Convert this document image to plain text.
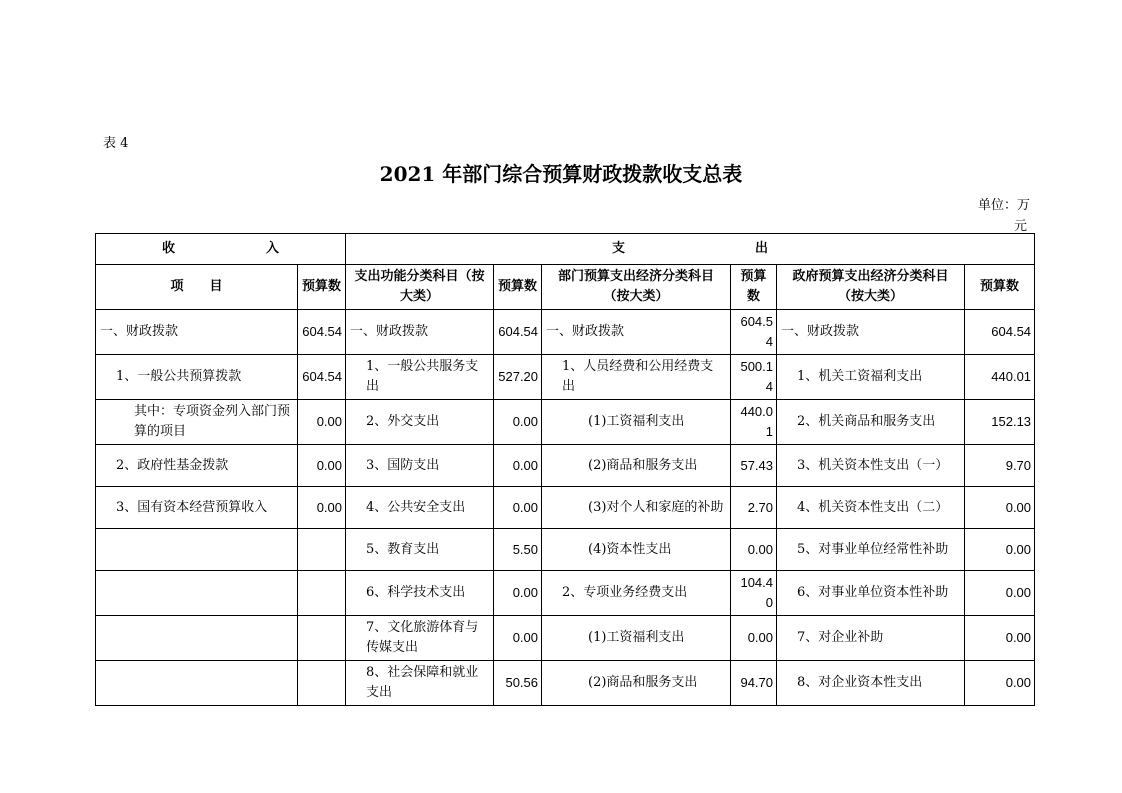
表 4
2021 年部门综合预算财政拨款收支总表
单位：万
元
收　　　　　　　入		支　　　　　　　　　　出					
项　　目	预算数	支出功能分类科目（按大类）	预算数	部门预算支出经济分类科目（按大类）	预算数	政府预算支出经济分类科目（按大类）	预算数
一、财政拨款	604.54	一、财政拨款	604.54	一、财政拨款	604.54	一、财政拨款	604.54
1、一般公共预算拨款	604.54	1、一般公共服务支出	527.20	1、人员经费和公用经费支出	500.14	1、机关工资福利支出	440.01
其中：专项资金列入部门预算的项目	0.00	2、外交支出	0.00	(1)工资福利支出	440.01	2、机关商品和服务支出	152.13
2、政府性基金拨款	0.00	3、国防支出	0.00	(2)商品和服务支出	57.43	3、机关资本性支出（一）	9.70
3、国有资本经营预算收入	0.00	4、公共安全支出	0.00	(3)对个人和家庭的补助	2.70	4、机关资本性支出（二）	0.00
		5、教育支出	5.50	(4)资本性支出	0.00	5、对事业单位经常性补助	0.00
		6、科学技术支出	0.00	2、专项业务经费支出	104.40	6、对事业单位资本性补助	0.00
		7、文化旅游体育与传媒支出	0.00	(1)工资福利支出	0.00	7、对企业补助	0.00
		8、社会保障和就业支出	50.56	(2)商品和服务支出	94.70	8、对企业资本性支出	0.00
